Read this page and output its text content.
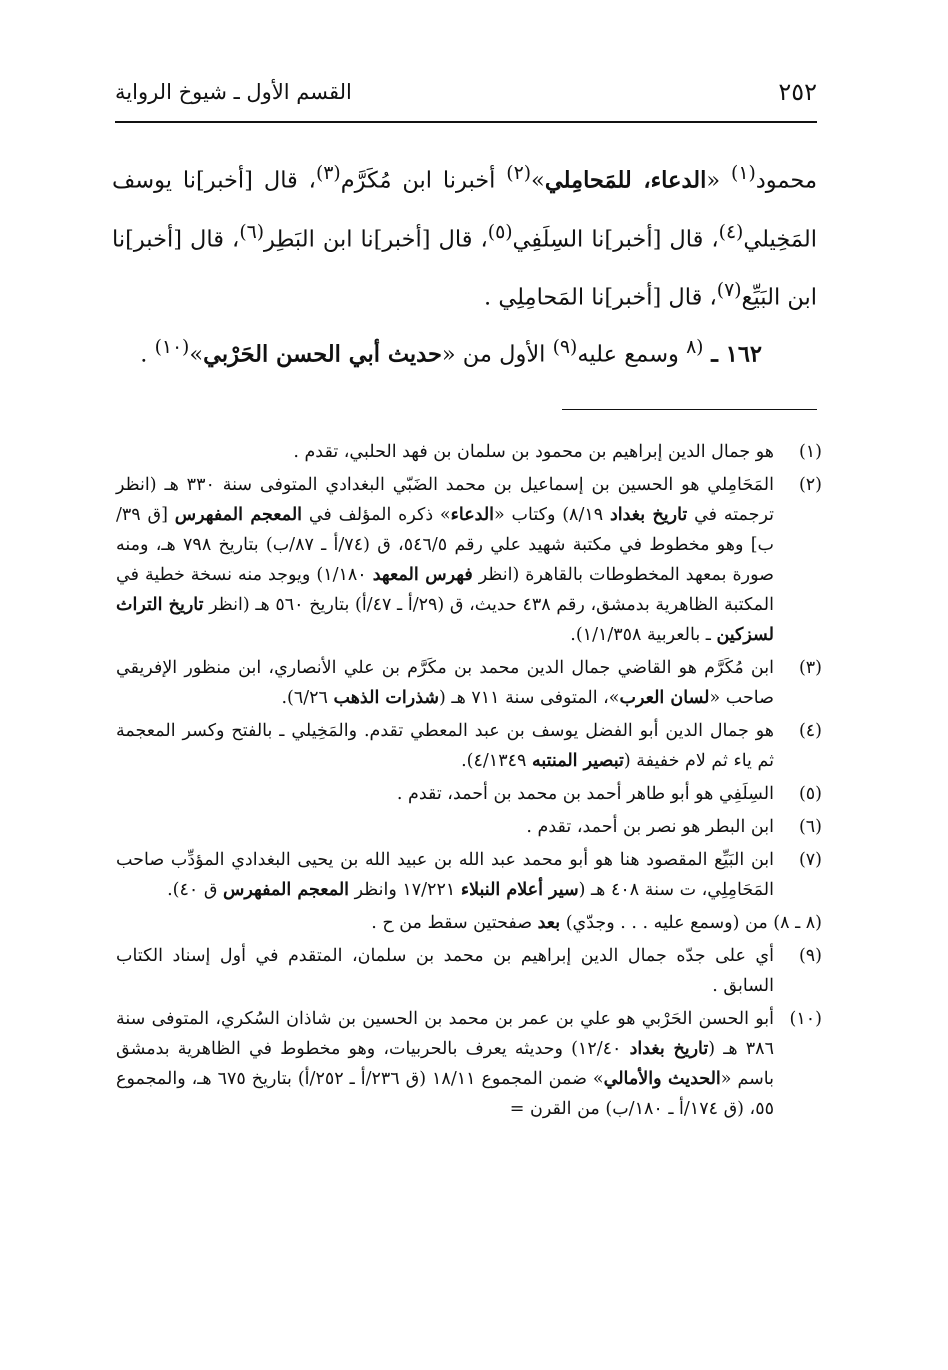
٢٥٢
القسم الأول ـ شيوخ الرواية
محمود$^{(١)}$ «الدعاء، للمَحامِلي»$^{(٢)}$ أخبرنا ابن مُكَرَّم$^{(٣)}$، قال [أخبر]نا يوسف المَخِيلي$^{(٤)}$، قال [أخبر]نا السِلَفِي$^{(٥)}$، قال [أخبر]نا ابن البَطِر$^{(٦)}$، قال [أخبر]نا ابن البَيِّع$^{(٧)}$، قال [أخبر]نا المَحامِلِي .
١٦٢ ـ $^{(٨}$ وسمع عليه$^{(٩)}$ الأول من «حديث أبي الحسن الحَرْبي»$^{(١٠)}$ .
(١)
هو جمال الدين إبراهيم بن محمود بن سلمان بن فهد الحلبي، تقدم .
(٢)
المَحَامِلي هو الحسين بن إسماعيل بن محمد الضَبّي البغدادي المتوفى سنة ٣٣٠ هـ (انظر ترجمته في تاريخ بغداد ٨/١٩) وكتاب «الدعاء» ذكره المؤلف في المعجم المفهرس [ق ٣٩/ب] وهو مخطوط في مكتبة شهيد علي رقم ٥٤٦/٥، ق (٧٤/أ ـ ٨٧/ب) بتاريخ ٧٩٨ هـ، ومنه صورة بمعهد المخطوطات بالقاهرة (انظر فهرس المعهد ١/١٨٠) ويوجد منه نسخة خطية في المكتبة الظاهرية بدمشق، رقم ٤٣٨ حديث، ق (٢٩/أ ـ ٤٧/أ) بتاريخ ٥٦٠ هـ (انظر تاريخ التراث لسزكين ـ بالعربية ١/١/٣٥٨).
(٣)
ابن مُكَرَّم هو القاضي جمال الدين محمد بن مكَرَّم بن علي الأنصاري، ابن منظور الإفريقي صاحب «لسان العرب»، المتوفى سنة ٧١١ هـ (شذرات الذهب ٦/٢٦).
(٤)
هو جمال الدين أبو الفضل يوسف بن عبد المعطي تقدم. والمَخِيلي ـ بالفتح وكسر المعجمة ثم ياء ثم لام خفيفة (تبصير المنتبه ٤/١٣٤٩).
(٥)
السِلَفِي هو أبو طاهر أحمد بن محمد بن أحمد، تقدم .
(٦)
ابن البطر هو نصر بن أحمد، تقدم .
(٧)
ابن البَيِّع المقصود هنا هو أبو محمد عبد الله بن عبيد الله بن يحيى البغدادي المؤدِّب صاحب المَحَامِلِي، ت سنة ٤٠٨ هـ (سير أعلام النبلاء ١٧/٢٢١ وانظر المعجم المفهرس ق ٤٠).
(٨ ـ ٨) من (وسمع عليه . . . وجدّي) بعد صفحتين سقط من ح .
(٩)
أي على جدّه جمال الدين إبراهيم بن محمد بن سلمان، المتقدم في أول إسناد الكتاب السابق .
(١٠)
أبو الحسن الحَرْبي هو علي بن عمر بن محمد بن الحسين بن شاذان السُكري، المتوفى سنة ٣٨٦ هـ (تاريخ بغداد ١٢/٤٠) وحديثه يعرف بالحربيات، وهو مخطوط في الظاهرية بدمشق باسم «الحديث والأمالي» ضمن المجموع ١٨/١١ (ق ٢٣٦/أ ـ ٢٥٢/أ) بتاريخ ٦٧٥ هـ، والمجموع ٥٥، (ق ١٧٤/أ ـ ١٨٠/ب) من القرن =
